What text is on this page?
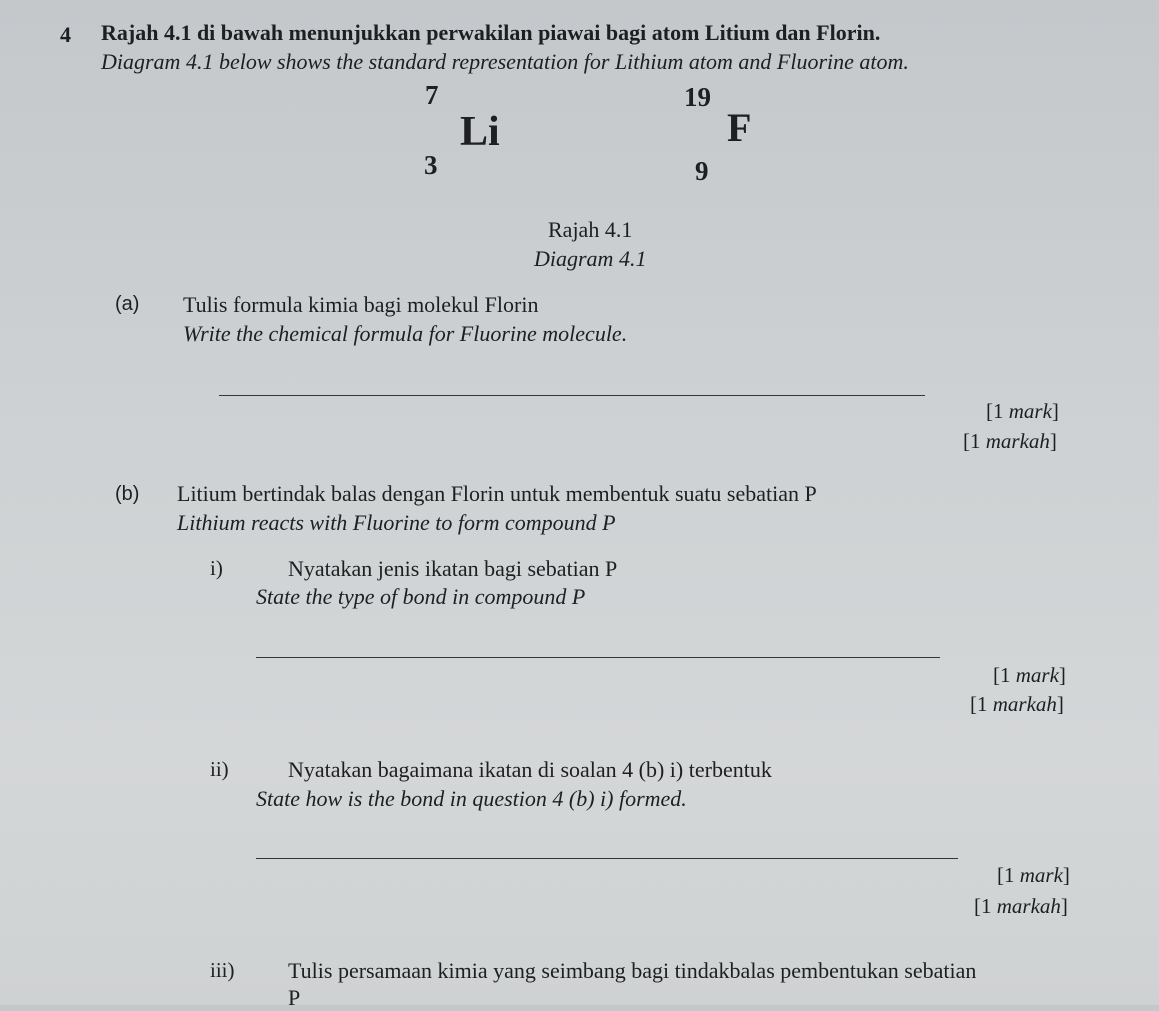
4 Rajah 4.1 di bawah menunjukkan perwakilan piawai bagi atom Litium dan Florin.
Diagram 4.1 below shows the standard representation for Lithium atom and Fluorine atom.
7
Li
3
19
F
9
Rajah 4.1
Diagram 4.1
(a) Tulis formula kimia bagi molekul Florin
Write the chemical formula for Fluorine molecule.
[1 mark]
[1 markah]
(b) Litium bertindak balas dengan Florin untuk membentuk suatu sebatian P
Lithium reacts with Fluorine to form compound P
i)	Nyatakan jenis ikatan bagi sebatian P
State the type of bond in compound P
[1 mark]
[1 markah]
ii)	Nyatakan bagaimana ikatan di soalan 4 (b) i) terbentuk
State how is the bond in question 4 (b) i) formed.
[1 mark]
[1 markah]
iii) Tulis persamaan kimia yang seimbang bagi tindakbalas pembentukan sebatian
P
